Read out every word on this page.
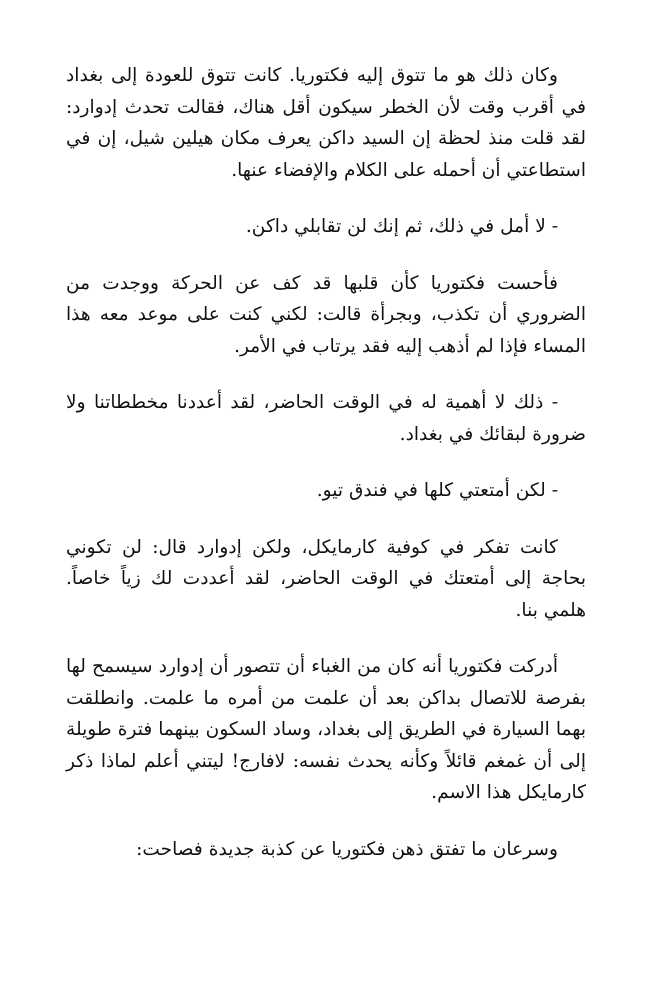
وكان ذلك هو ما تتوق إليه فكتوريا. كانت تتوق للعودة إلى بغداد في أقرب وقت لأن الخطر سيكون أقل هناك، فقالت تحدث إدوارد: لقد قلت منذ لحظة إن السيد داكن يعرف مكان هيلين شيل، إن في استطاعتي أن أحمله على الكلام والإفضاء عنها.

- لا أمل في ذلك، ثم إنك لن تقابلي داكن.

فأحست فكتوريا كأن قلبها قد كف عن الحركة ووجدت من الضروري أن تكذب، وبجرأة قالت: لكني كنت على موعد معه هذا المساء فإذا لم أذهب إليه فقد يرتاب في الأمر.

- ذلك لا أهمية له في الوقت الحاضر، لقد أعددنا مخططاتنا ولا ضرورة لبقائك في بغداد.

- لكن أمتعتي كلها في فندق تيو.

كانت تفكر في كوفية كارمايكل، ولكن إدوارد قال: لن تكوني بحاجة إلى أمتعتك في الوقت الحاضر، لقد أعددت لك زياً خاصاً. هلمي بنا.

أدركت فكتوريا أنه كان من الغباء أن تتصور أن إدوارد سيسمح لها بفرصة للاتصال بداكن بعد أن علمت من أمره ما علمت. وانطلقت بهما السيارة في الطريق إلى بغداد، وساد السكون بينهما فترة طويلة إلى أن غمغم قائلاً وكأنه يحدث نفسه: لافارج! ليتني أعلم لماذا ذكر كارمايكل هذا الاسم.

وسرعان ما تفتق ذهن فكتوريا عن كذبة جديدة فصاحت:
